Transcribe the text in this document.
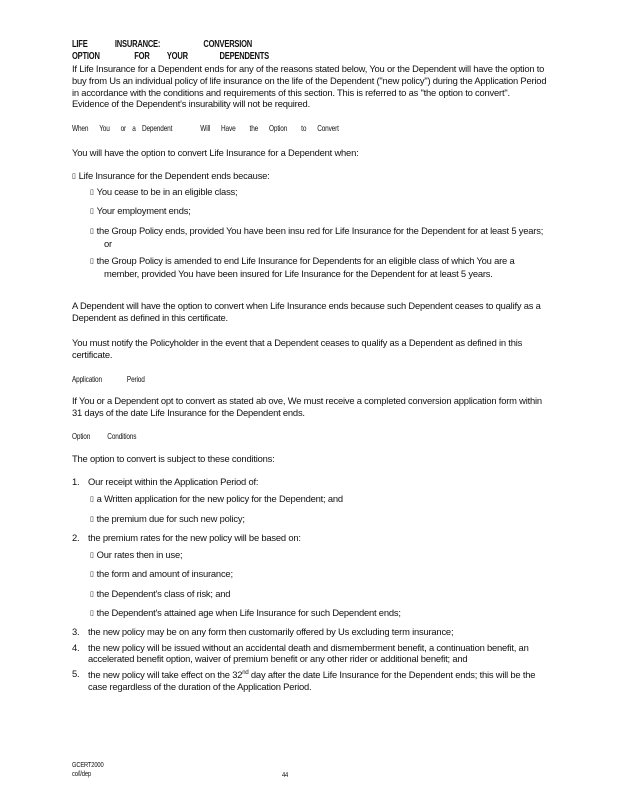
LIFE	INSURANCE:	CONVERSIONOPTION	FOR YOUR	DEPENDENTS
If Life Insurance for a Dependent ends for any of the reasons stated below, You or the Dependent will have the option to buy from Us an individual policy of life insurance on the life of the Dependent ("new policy") during the Application Period in accordance with the conditions and requirements of this section. This is referred to as "the option to convert". Evidence of the Dependent's insurability will not be required.
When You or a Dependent	Will Have the Option to Convert
You will have the option to convert Life Insurance for a Dependent when:
▯ Life Insurance for the Dependent ends because:
▯ You cease to be in an eligible class;
▯ Your employment ends;
▯ the Group Policy ends, provided You have been insu red for Life Insurance for the Dependent for at least 5 years; or
▯ the Group Policy is amended to end Life Insurance for Dependents for an eligible class of which You are a member, provided You have been insured for Life Insurance for the Dependent for at least 5 years.
A Dependent will have the option to convert when Life Insurance ends because such Dependent ceases to qualify as a Dependent as defined in this certificate.
You must notify the Policyholder in the event that a Dependent ceases to qualify as a Dependent as defined in this certificate.
Application	Period
If You or a Dependent opt to convert as stated ab ove, We must receive a completed conversion application form within 31 days of the date Life Insurance for the Dependent ends.
Option Conditions
The option to convert is subject to these conditions:
1. Our receipt within the Application Period of:
▯ a Written application for the new policy for the Dependent; and
▯ the premium due for such new policy;
2. the premium rates for the new policy will be based on:
▯ Our rates then in use;
▯ the form and amount of insurance;
▯ the Dependent's class of risk; and
▯ the Dependent's attained age when Life Insurance for such Dependent ends;
3. the new policy may be on any form then customarily offered by Us excluding term insurance;
4. the new policy will be issued without an accidental death and dismemberment benefit, a continuation benefit, an accelerated benefit option, waiver of premium benefit or any other rider or additional benefit; and
5. the new policy will take effect on the 32nd day after the date Life Insurance for the Dependent ends; this will be the case regardless of the duration of the Application Period.
GCERT2000
co/l/dep	44
